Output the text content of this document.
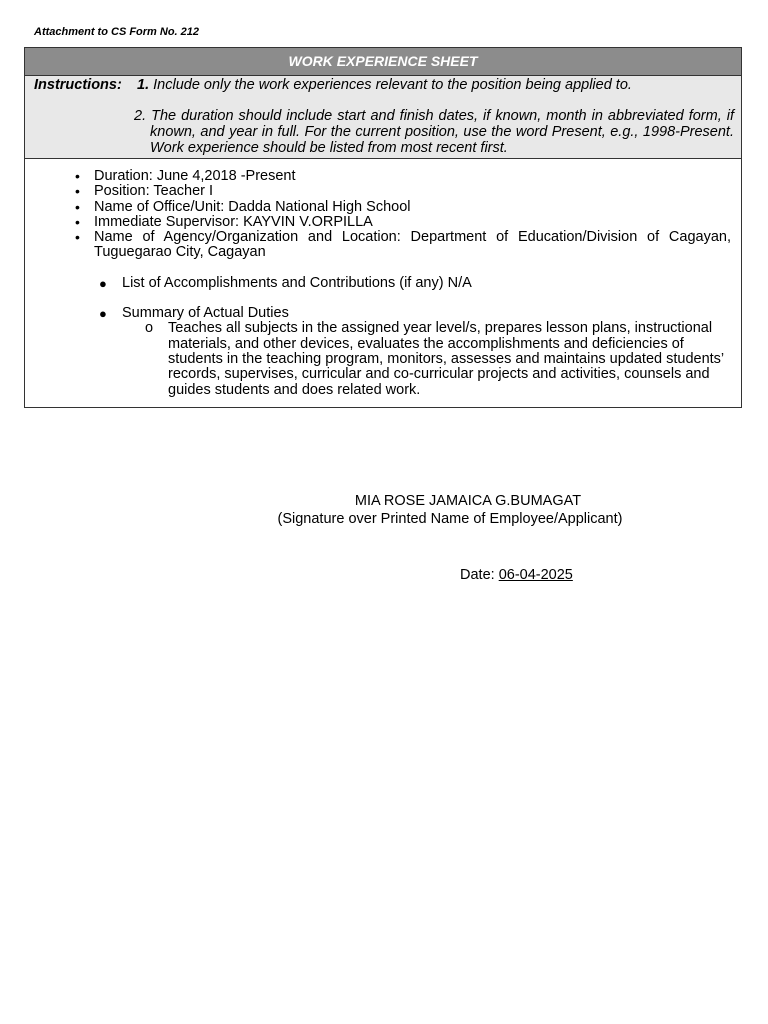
Attachment to CS Form No. 212
WORK EXPERIENCE SHEET
Instructions: 1. Include only the work experiences relevant to the position being applied to.
2. The duration should include start and finish dates, if known, month in abbreviated form, if known, and year in full. For the current position, use the word Present, e.g., 1998-Present. Work experience should be listed from most recent first.
• Duration: June 4,2018 -Present
• Position: Teacher I
• Name of Office/Unit: Dadda National High School
• Immediate Supervisor: KAYVIN V.ORPILLA
• Name of Agency/Organization and Location: Department of Education/Division of Cagayan, Tuguegarao City, Cagayan
● List of Accomplishments and Contributions (if any) N/A
● Summary of Actual Duties
o Teaches all subjects in the assigned year level/s, prepares lesson plans, instructional materials, and other devices, evaluates the accomplishments and deficiencies of students in the teaching program, monitors, assesses and maintains updated students’ records, supervises, curricular and co-curricular projects and activities, counsels and guides students and does related work.
MIA ROSE JAMAICA G.BUMAGAT
(Signature over Printed Name of Employee/Applicant)
Date: 06-04-2025
